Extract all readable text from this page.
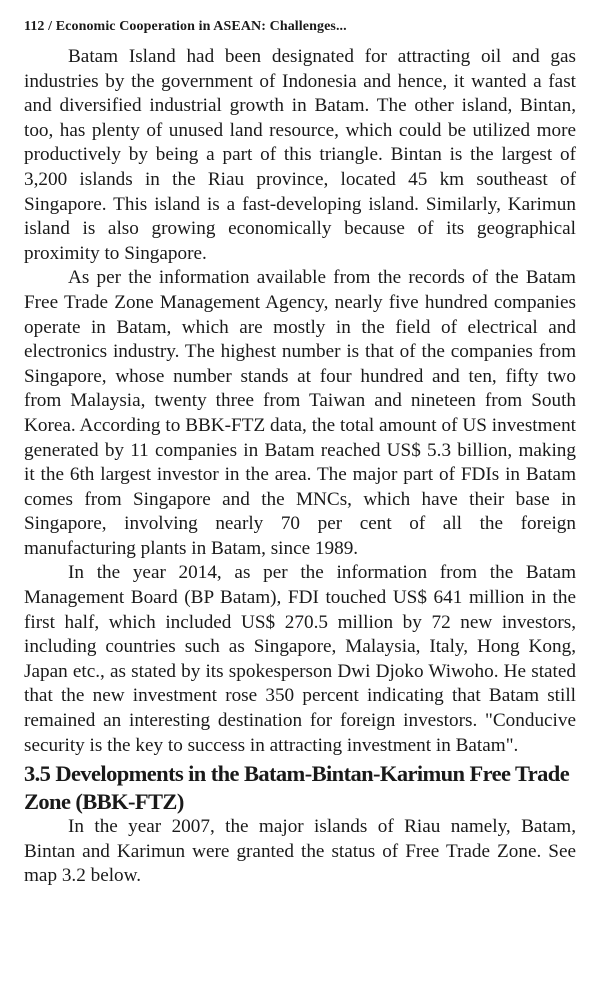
112 / Economic Cooperation in ASEAN: Challenges...

Batam Island had been designated for attracting oil and gas industries by the government of Indonesia and hence, it wanted a fast and diversified industrial growth in Batam. The other island, Bintan, too, has plenty of unused land resource, which could be utilized more productively by being a part of this triangle. Bintan is the largest of 3,200 islands in the Riau province, located 45 km southeast of Singapore. This island is a fast-developing island. Similarly, Karimun island is also growing economically because of its geographical proximity to Singapore.

As per the information available from the records of the Batam Free Trade Zone Management Agency, nearly five hundred companies operate in Batam, which are mostly in the field of electrical and electronics industry. The highest number is that of the companies from Singapore, whose number stands at four hundred and ten, fifty two from Malaysia, twenty three from Taiwan and nineteen from South Korea. According to BBK-FTZ data, the total amount of US investment generated by 11 companies in Batam reached US$ 5.3 billion, making it the 6th largest investor in the area. The major part of FDIs in Batam comes from Singapore and the MNCs, which have their base in Singapore, involving nearly 70 per cent of all the foreign manufacturing plants in Batam, since 1989.

In the year 2014, as per the information from the Batam Management Board (BP Batam), FDI touched US$ 641 million in the first half, which included US$ 270.5 million by 72 new investors, including countries such as Singapore, Malaysia, Italy, Hong Kong, Japan etc., as stated by its spokesperson Dwi Djoko Wiwoho. He stated that the new investment rose 350 percent indicating that Batam still remained an interesting destination for foreign investors. "Conducive security is the key to success in attracting investment in Batam".

3.5 Developments in the Batam-Bintan-Karimun Free Trade Zone (BBK-FTZ)

In the year 2007, the major islands of Riau namely, Batam, Bintan and Karimun were granted the status of Free Trade Zone. See map 3.2 below.
